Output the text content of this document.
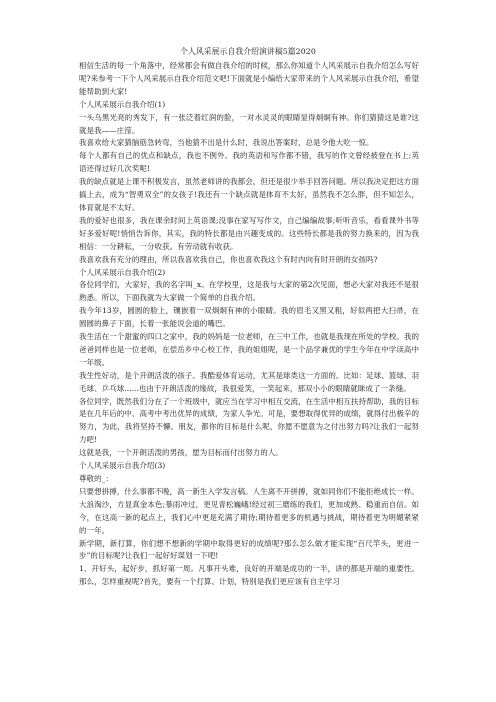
个人风采展示自我介绍演讲稿5篇2020

相信生活的每一个角落中，经常都会有做自我介绍的时候，那么你知道个人风采展示自我介绍怎么写好呢?来参考一下个人风采展示自我介绍范文吧!下面就是小编给大家带来的个人风采展示自我介绍，希望能帮助到大家!

个人风采展示自我介绍(1)

一头乌黑光亮的秀发下，有一张泛着红润的脸，一对水灵灵的眼睛显得炯炯有神。你们猜猜这是谁?这就是我——庄滢。

我喜欢给大家猜脑筋急转弯，当他猜不出是什么时，我说出答案时，总是令他大吃一惊。

每个人都有自己的优点和缺点，我也不例外。我的英语和写作都不错，我写的作文曾经被登在书上;英语还得过好几次奖呢!

我的缺点就是上课不积极发言，虽然老师讲的我都会，但还是很少举手回答问题。所以我决定把这方面搞上去，成为“智勇双全”的女孩子!我还有一个缺点就是体育不太好，虽然我不怎么胖，但不知怎么，体育就是不太好。

我的爱好也很多，我在课余时间上英语课;没事在家写写作文，自己编编故事;听听音乐，看看课外书等好多爱好呢!悄悄告诉你，其实，我的特长都是由兴趣变成的。这些特长都是我的努力换来的，因为我相信：一分耕耘，一分收获。有劳动就有收获。

我喜欢我有充分的理由，所以我喜欢我自己，你也喜欢我这个有时内向有时开朗的女孩吗?

个人风采展示自我介绍(2)

各位同学们，大家好，我的名字叫_x。在学校里，这是我与大家的第2次见面，想必大家对我还不是很熟悉。所以，下面我就为大家做一个简单的自我介绍。

我今年13岁，圆圆的脸上，镶嵌着一双炯炯有神的小眼睛。我的眉毛又黑又粗，好似两把大扫帚，在圆圆的鼻子下面，长着一张能说会道的嘴巴。

我生活在一个甜蜜的四口之家中，我的妈妈是一位老师，在三中工作，也就是我现在所处的学校。我的爸爸同样也是一位老师，在偿岳乡中心校工作，我的姐姐呢，是一个品学兼优的学生今年在中学读高中一年级。

我生性好动，是个开朗活泼的孩子。我酷爱体育运动，尤其是球类这一方面的。比如：足球、篮球、羽毛球、乒乓球......也由于开朗活泼的缘故，我很爱笑，一笑起来，那双小小的眼睛就眯成了一条缝。

各位同学，既然我们分在了一个班级中，就应当在学习中相互交流，在生活中相互扶持帮助，我的目标是在几年后的中、高考中考出优异的成绩，为家人争光。可是，要想取得优异的成绩，就得付出极辛的努力，为此，我将坚持不懈。朋友，都你的目标是什么呢，你愿不愿意为之付出努力吗?让我们一起努力吧!

这就是我，一个开朗活泼的男孩，愿为目标而付出努力的人。

个人风采展示自我介绍(3)

尊敬的_：

只要想拼搏，什么事都不晚，高一新生入学发言稿。人生离不开拼搏，就如同你们不能拒绝成长一样。

大浪淘沙，方显真金本色;暴雨冲过，更见青松巍峨!经过初三磨练的我们，更加成熟、稳重而自信。如今，在这高一新的起点上，我们心中更是充满了期待;期待着更多的机遇与挑战，期待着更为明媚紧紧的一年。

新学期，新打算，你们想不想新的学期中取得更好的成绩呢?那么怎么做才能实现“百尺竿头，更进一步”的目标呢?让我们一起好好谋划一下吧!

1、开好头，起好步，抓好第一周。凡事开头难，良好的开端是成功的一半，讲的都是开端的重要性。那么，怎样重视呢?首先，要有一个打算、计划，特别是我们更应该有自主学习
